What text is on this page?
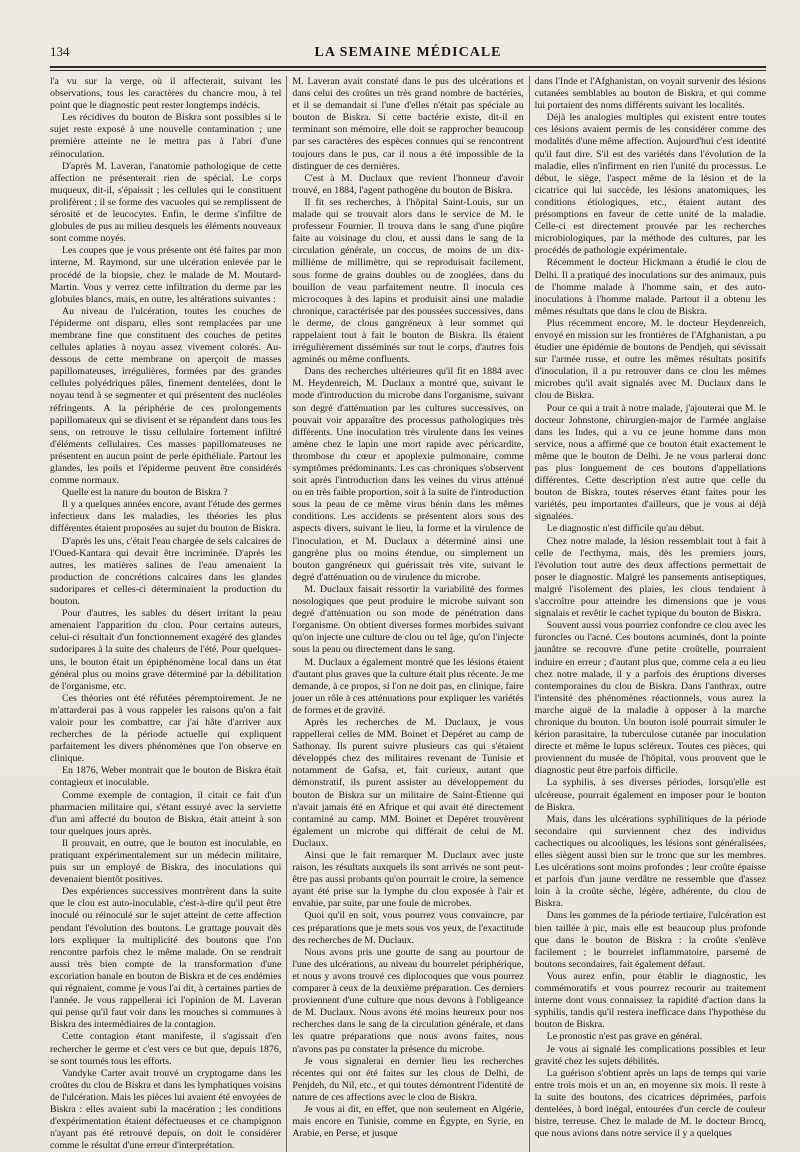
134	LA SEMAINE MÉDICALE

l'a vu sur la verge, où il affecterait, suivant les observations, tous les caractères du chancre mou, à tel point que le diagnostic peut rester longtemps indécis.

Les récidives du bouton de Biskra sont possibles si le sujet reste exposé à une nouvelle contamination ; une première atteinte ne le mettra pas à l'abri d'une réinoculation.

D'après M. Laveran, l'anatomie pathologique de cette affection ne présenterait rien de spécial. Le corps muqueux, dit-il, s'épaissit ; les cellules qui le constituent prolifèrent ; il se forme des vacuoles qui se remplissent de sérosité et de leucocytes. Enfin, le derme s'infiltre de globules de pus au milieu desquels les éléments nouveaux sont comme noyés.

Les coupes que je vous présente ont été faites par mon interne, M. Raymond, sur une ulcération enlevée par le procédé de la biopsie, chez le malade de M. Moutard-Martin. Vous y verrez cette infiltration du derme par les globules blancs, mais, en outre, les altérations suivantes :

Au niveau de l'ulcération, toutes les couches de l'épiderme ont disparu, elles sont remplacées par une membrane fine que constituent des couches de petites cellules aplaties à noyau assez vivement colorés. Au-dessous de cette membrane on aperçoit de masses papillomateuses, irrégulières, formées par des grandes cellules polyédriques pâles, finement dentelées, dont le noyau tend à se segmenter et qui présentent des nucléoles réfringents. A la périphérie de ces prolongements papillomateux qui se divisent et se répandent dans tous les sens, on retrouve le tissu cellulaire fortement infiltré d'éléments cellulaires. Ces masses papillomateuses ne présentent en aucun point de perle épithéliale. Partout les glandes, les poils et l'épiderme peuvent être considérés comme normaux.

Quelle est la nature du bouton de Biskra ?

Il y a quelques années encore, avant l'étude des germes infectieux dans les maladies, les théories les plus différentes étaient proposées au sujet du bouton de Biskra.

D'après les uns, c'était l'eau chargée de sels calcaires de l'Oued-Kantara qui devait être incriminée. D'après les autres, les matières salines de l'eau amenaient la production de concrétions calcaires dans les glandes sudoripares et celles-ci déterminaient la production du bouton.

Pour d'autres, les sables du désert irritant la peau amenaient l'apparition du clou. Pour certains auteurs, celui-ci résultait d'un fonctionnement exagéré des glandes sudoripares à la suite des chaleurs de l'été. Pour quelques-uns, le bouton était un épiphénomène local dans un état général plus ou moins grave déterminé par la débilitation de l'organisme, etc.

Ces théories ont été réfutées péremptoirement. Je ne m'attarderai pas à vous rappeler les raisons qu'on a fait valoir pour les combattre, car j'ai hâte d'arriver aux recherches de la période actuelle qui expliquent parfaitement les divers phénomènes que l'on observe en clinique.

En 1876, Weber montrait que le bouton de Biskra était contagieux et inoculable.

Comme exemple de contagion, il citait ce fait d'un pharmacien militaire qui, s'étant essuyé avec la serviette d'un ami affecté du bouton de Biskra, était atteint à son tour quelques jours après.

Il prouvait, en outre, que le bouton est inoculable, en pratiquant expérimentalement sur un médecin militaire, puis sur un employé de Biskra, des inoculations qui devenaient bientôt positives.

Des expériences successives montrèrent dans la suite que le clou est auto-inoculable, c'est-à-dire qu'il peut être inoculé ou réinoculé sur le sujet atteint de cette affection pendant l'évolution des boutons. Le grattage pouvait dès lors expliquer la multiplicité des boutons que l'on rencontre parfois chez le même malade. On se rendrait aussi très bien compte de la transformation d'une excoriation banale en bouton de Biskra et de ces endémies qui régnaient, comme je vous l'ai dit, à certaines parties de l'année. Je vous rappellerai ici l'opinion de M. Laveran qui pense qu'il faut voir dans les mouches si communes à Biskra des intermédiaires de la contagion.

Cette contagion étant manifeste, il s'agissait d'en rechercher le germe et c'est vers ce but que, depuis 1876, se sont tournés tous les efforts.

Vandyke Carter avait trouvé un cryptogame dans les croûtes du clou de Biskra et dans les lymphatiques voisins de l'ulcération. Mais les pièces lui avaient été envoyées de Biskra : elles avaient subi la macération ; les conditions d'expérimentation étaient défectueuses et ce champignon n'ayant pas été retrouvé depuis, on doit le considérer comme le résultat d'une erreur d'interprétation.

M. Laveran avait constaté dans le pus des ulcérations et dans celui des croûtes un très grand nombre de bactéries, et il se demandait si l'une d'elles n'était pas spéciale au bouton de Biskra. Si cette bactérie existe, dit-il en terminant son mémoire, elle doit se rapprocher beaucoup par ses caractères des espèces connues qui se rencontrent toujours dans le pus, car il nous a été impossible de la distinguer de ces dernières.

C'est à M. Duclaux que revient l'honneur d'avoir trouvé, en 1884, l'agent pathogène du bouton de Biskra.

Il fit ses recherches, à l'hôpital Saint-Louis, sur un malade qui se trouvait alors dans le service de M. le professeur Fournier. Il trouva dans le sang d'une piqûre faite au voisinage du clou, et aussi dans le sang de la circulation générale, un coccus, de moins de un dix-millième de millimètre, qui se reproduisait facilement, sous forme de grains doubles ou de zooglées, dans du bouillon de veau parfaitement neutre. Il inocula ces microcoques à des lapins et produisit ainsi une maladie chronique, caractérisée par des poussées successives, dans le derme, de clous gangréneux à leur sommet qui rappelaient tout à fait le bouton de Biskra. Ils étaient irrégulièrement disséminés sur tout le corps, d'autres fois agminés ou même confluents.

Dans des recherches ultérieures qu'il fit en 1884 avec M. Heydenreich, M. Duclaux a montré que, suivant le mode d'introduction du microbe dans l'organisme, suivant son degré d'atténuation par les cultures successives, on pouvait voir apparaître des processus pathologiques très différents. Une inoculation très virulente dans les veines amène chez le lapin une mort rapide avec péricardite, thrombose du cœur et apoplexie pulmonaire, comme symptômes prédominants. Les cas chroniques s'observent soit après l'introduction dans les veines du virus atténué ou en très faible proportion, soit à la suite de l'introduction sous la peau de ce même virus bénin dans les mêmes conditions. Les accidents se présentent alors sous des aspects divers, suivant le lieu, la forme et la virulence de l'inoculation, et M. Duclaux a déterminé ainsi une gangrène plus ou moins étendue, ou simplement un bouton gangréneux qui guérissait très vite, suivant le degré d'atténuation ou de virulence du microbe.

M. Duclaux faisait ressortir la variabilité des formes nosologiques que peut produire le microbe suivant son degré d'atténuation ou son mode de pénétration dans l'organisme. On obtient diverses formes morbides suivant qu'on injecte une culture de clou ou tel âge, qu'on l'injecte sous la peau ou directement dans le sang.

M. Duclaux a également montré que les lésions étaient d'autant plus graves que la culture était plus récente. Je me demande, à ce propos, si l'on ne doit pas, en clinique, faire jouer un rôle à ces atténuations pour expliquer les variétés de formes et de gravité.

Après les recherches de M. Duclaux, je vous rappellerai celles de MM. Boinet et Depéret au camp de Sathonay. Ils purent suivre plusieurs cas qui s'étaient développés chez des militaires revenant de Tunisie et notamment de Gafsa, et, fait curieux, autant que démonstratif, ils purent assister au développement du bouton de Biskra sur un militaire de Saint-Étienne qui n'avait jamais été en Afrique et qui avait été directement contaminé au camp. MM. Boinet et Depéret trouvèrent également un microbe qui différait de celui de M. Duclaux.

Ainsi que le fait remarquer M. Duclaux avec juste raison, les résultats auxquels ils sont arrivés ne sont peut-être pas aussi probants qu'on pourrait le croire, la semence ayant été prise sur la lymphe du clou exposée à l'air et envahie, par suite, par une foule de microbes.

Quoi qu'il en soit, vous pourrez vous convaincre, par ces préparations que je mets sous vos yeux, de l'exactitude des recherches de M. Duclaux.

Nous avons pris une goutte de sang au pourtour de l'une des ulcérations, au niveau du bourrelet périphérique, et nous y avons trouvé ces diplocoques que vous pourrez comparer à ceux de la deuxième préparation. Ces derniers proviennent d'une culture que nous devons à l'obligeance de M. Duclaux. Nous avons été moins heureux pour nos recherches dans le sang de la circulation générale, et dans les quatre préparations que nous avons faites, nous n'avons pas pu constater la présence du microbe.

Je vous signalerai en dernier lieu les recherches récentes qui ont été faites sur les clous de Delhi, de Penjdeh, du Nil, etc., et qui toutes démontrent l'identité de nature de ces affections avec le clou de Biskra.

Je vous ai dit, en effet, que non seulement en Algérie, mais encore en Tunisie, comme en Égypte, en Syrie, en Arabie, en Perse, et jusque

dans l'Inde et l'Afghanistan, on voyait survenir des lésions cutanées semblables au bouton de Biskra, et qui comme lui portaient des noms différents suivant les localités.

Déjà les analogies multiples qui existent entre toutes ces lésions avaient permis de les considérer comme des modalités d'une même affection. Aujourd'hui c'est identité qu'il faut dire. S'il est des variétés dans l'évolution de la maladie, elles n'infirment en rien l'unité du processus. Le début, le siège, l'aspect même de la lésion et de la cicatrice qui lui succède, les lésions anatomiques, les conditions étiologiques, etc., étaient autant des présomptions en faveur de cette unité de la maladie. Celle-ci est directement prouvée par les recherches microbiologiques, par la méthode des cultures, par les procédés de pathologie expérimentale.

Récemment le docteur Hickmann a étudié le clou de Delhi. Il a pratiqué des inoculations sur des animaux, puis de l'homme malade à l'homme sain, et des auto-inoculations à l'homme malade. Partout il a obtenu les mêmes résultats que dans le clou de Biskra.

Plus récemment encore, M. le docteur Heydenreich, envoyé en mission sur les frontières de l'Afghanistan, a pu étudier une épidémie de boutons de Pendjeh, qui sévissait sur l'armée russe, et outre les mêmes résultats positifs d'inoculation, il a pu retrouver dans ce clou les mêmes microbes qu'il avait signalés avec M. Duclaux dans le clou de Biskra.

Pour ce qui a trait à notre malade, j'ajouterai que M. le docteur Johnstone, chirurgien-major de l'armée anglaise dans les Indes, qui a vu ce jeune homme dans mon service, nous a affirmé que ce bouton était exactement le même que le bouton de Delhi. Je ne vous parlerai donc pas plus longuement de ces boutons d'appellations différentes. Cette description n'est autre que celle du bouton de Biskra, toutes réserves étant faites pour les variétés, peu importantes d'ailleurs, que je vous ai déjà signalées.

Le diagnostic n'est difficile qu'au début.

Chez notre malade, la lésion ressemblait tout à fait à celle de l'ecthyma, mais, dès les premiers jours, l'évolution tout autre des deux affections permettait de poser le diagnostic. Malgré les pansements antiseptiques, malgré l'isolement des plaies, les clous tendaient à s'accroître pour atteindre les dimensions que je vous signalais et revêtir le cachet typique du bouton de Biskra.

Souvent aussi vous pourriez confondre ce clou avec les furoncles ou l'acné. Ces boutons acuminés, dont la pointe jaunâtre se recouvre d'une petite croûtelle, pourraient induire en erreur ; d'autant plus que, comme cela a eu lieu chez notre malade, il y a parfois des éruptions diverses contemporaines du clou de Biskra. Dans l'anthrax, outre l'intensité des phénomènes réactionnels, vous aurez la marche aiguë de la maladie à opposer à la marche chronique du bouton. Un bouton isolé pourrait simuler le kérion parasitaire, la tuberculose cutanée par inoculation directe et même le lupus scléreux. Toutes ces pièces, qui proviennent du musée de l'hôpital, vous prouvent que le diagnostic peut être parfois difficile.

La syphilis, à ses diverses périodes, lorsqu'elle est ulcéreuse, pourrait également en imposer pour le bouton de Biskra.

Mais, dans les ulcérations syphilitiques de la période secondaire qui surviennent chez des individus cachectiques ou alcooliques, les lésions sont généralisées, elles siègent aussi bien sur le tronc que sur les membres. Les ulcérations sont moins profondes ; leur croûte épaisse et parfois d'un jaune verdâtre ne ressemble que d'assez loin à la croûte sèche, légère, adhérente, du clou de Biskra.

Dans les gommes de la période tertiaire, l'ulcération est bien taillée à pic, mais elle est beaucoup plus profonde que dans le bouton de Biskra : la croûte s'enlève facilement ; le bourrelet inflammatoire, parsemé de boutons secondaires, fait également défaut.

Vous aurez enfin, pour établir le diagnostic, les commémoratifs et vous pourrez recourir au traitement interne dont vous connaissez la rapidité d'action dans la syphilis, tandis qu'il restera inefficace dans l'hypothèse du bouton de Biskra.

Le pronostic n'est pas grave en général.

Je vous ai signalé les complications possibles et leur gravité chez les sujets débilités.

La guérison s'obtient après un laps de temps qui varie entre trois mois et un an, en moyenne six mois. Il reste à la suite des boutons, des cicatrices déprimées, parfois dentelées, à bord inégal, entourées d'un cercle de couleur bistre, terreuse. Chez le malade de M. le docteur Brocq, que nous avions dans notre service il y a quelques
